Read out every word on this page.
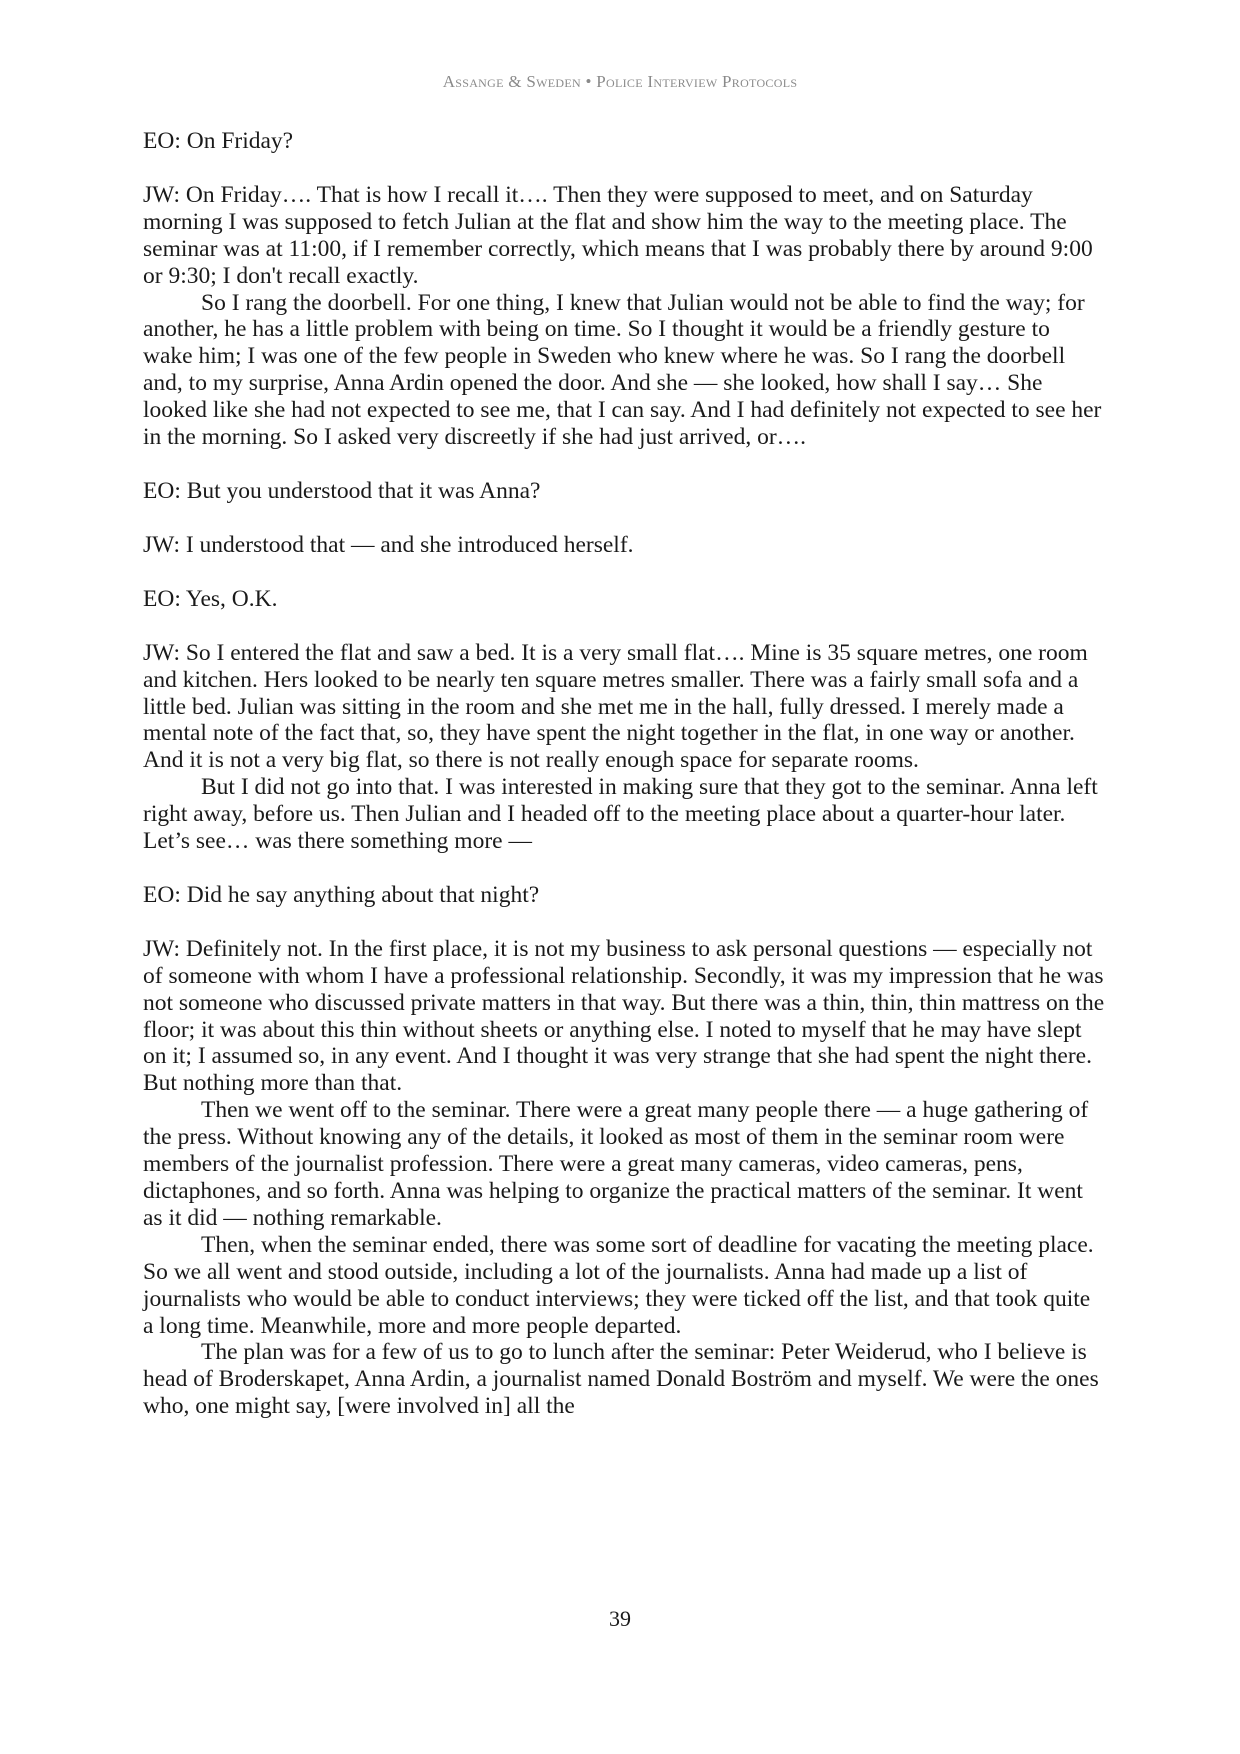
Assange & Sweden • Police Interview Protocols

EO: On Friday?

JW: On Friday…. That is how I recall it…. Then they were supposed to meet, and on Saturday morning I was supposed to fetch Julian at the flat and show him the way to the meeting place. The seminar was at 11:00, if I remember correctly, which means that I was probably there by around 9:00 or 9:30; I don't recall exactly.

So I rang the doorbell. For one thing, I knew that Julian would not be able to find the way; for another, he has a little problem with being on time. So I thought it would be a friendly gesture to wake him; I was one of the few people in Sweden who knew where he was. So I rang the doorbell and, to my surprise, Anna Ardin opened the door. And she — she looked, how shall I say… She looked like she had not expected to see me, that I can say. And I had definitely not expected to see her in the morning. So I asked very discreetly if she had just arrived, or….

EO: But you understood that it was Anna?

JW: I understood that — and she introduced herself.

EO: Yes, O.K.

JW: So I entered the flat and saw a bed. It is a very small flat…. Mine is 35 square metres, one room and kitchen. Hers looked to be nearly ten square metres smaller. There was a fairly small sofa and a little bed. Julian was sitting in the room and she met me in the hall, fully dressed. I merely made a mental note of the fact that, so, they have spent the night together in the flat, in one way or another. And it is not a very big flat, so there is not really enough space for separate rooms.

But I did not go into that. I was interested in making sure that they got to the seminar. Anna left right away, before us. Then Julian and I headed off to the meeting place about a quarter-hour later. Let’s see… was there something more —

EO: Did he say anything about that night?

JW: Definitely not. In the first place, it is not my business to ask personal questions — especially not of someone with whom I have a professional relationship. Secondly, it was my impression that he was not someone who discussed private matters in that way. But there was a thin, thin, thin mattress on the floor; it was about this thin without sheets or anything else. I noted to myself that he may have slept on it; I assumed so, in any event. And I thought it was very strange that she had spent the night there. But nothing more than that.

Then we went off to the seminar. There were a great many people there — a huge gathering of the press. Without knowing any of the details, it looked as most of them in the seminar room were members of the journalist profession. There were a great many cameras, video cameras, pens, dictaphones, and so forth. Anna was helping to organize the practical matters of the seminar. It went as it did — nothing remarkable.

Then, when the seminar ended, there was some sort of deadline for vacating the meeting place. So we all went and stood outside, including a lot of the journalists. Anna had made up a list of journalists who would be able to conduct interviews; they were ticked off the list, and that took quite a long time. Meanwhile, more and more people departed.

The plan was for a few of us to go to lunch after the seminar: Peter Weiderud, who I believe is head of Broderskapet, Anna Ardin, a journalist named Donald Boström and myself. We were the ones who, one might say, [were involved in] all the

39
